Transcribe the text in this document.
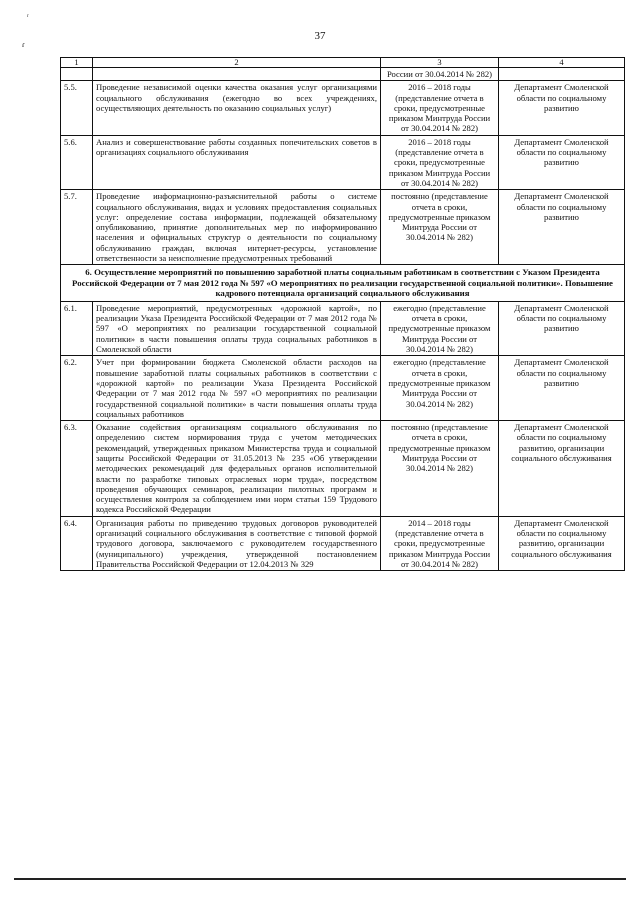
ʳ
ɾ
37
1	2	3	4
		России от 30.04.2014 № 282)	
5.5.	Проведение независимой оценки качества оказания услуг организациями социального обслуживания (ежегодно во всех учреждениях, осуществляющих деятельность по оказанию социальных услуг)	2016 – 2018 годы (представление отчета в сроки, предусмотренные приказом Минтруда России от 30.04.2014 № 282)	Департамент Смоленской области по социальному развитию
5.6.	Анализ и совершенствование работы созданных попечительских советов в организациях социального обслуживания	2016 – 2018 годы (представление отчета в сроки, предусмотренные приказом Минтруда России от 30.04.2014 № 282)	Департамент Смоленской области по социальному развитию
5.7.	Проведение информационно-разъяснительной работы о системе социального обслуживания, видах и условиях предоставления социальных услуг: определение состава информации, подлежащей обязательному опубликованию, принятие дополнительных мер по информированию населения и официальных структур о деятельности по социальному обслуживанию граждан, включая интернет-ресурсы, установление ответственности за неисполнение предусмотренных требований	постоянно (представление отчета в сроки, предусмотренные приказом Минтруда России от 30.04.2014 № 282)	Департамент Смоленской области по социальному развитию
6. Осуществление мероприятий по повышению заработной платы социальным работникам в соответствии с Указом Президента Российской Федерации от 7 мая 2012 года № 597 «О мероприятиях по реализации государственной социальной политики». Повышение кадрового потенциала организаций социального обслуживания			
6.1.	Проведение мероприятий, предусмотренных «дорожной картой», по реализации Указа Президента Российской Федерации от 7 мая 2012 года № 597 «О мероприятиях по реализации государственной социальной политики» в части повышения оплаты труда социальных работников в Смоленской области	ежегодно (представление отчета в сроки, предусмотренные приказом Минтруда России от 30.04.2014 № 282)	Департамент Смоленской области по социальному развитию
6.2.	Учет при формировании бюджета Смоленской области расходов на повышение заработной платы социальных работников в соответствии с «дорожной картой» по реализации Указа Президента Российской Федерации от 7 мая 2012 года № 597 «О мероприятиях по реализации государственной социальной политики» в части повышения оплаты труда социальных работников	ежегодно (представление отчета в сроки, предусмотренные приказом Минтруда России от 30.04.2014 № 282)	Департамент Смоленской области по социальному развитию
6.3.	Оказание содействия организациям социального обслуживания по определению систем нормирования труда с учетом методических рекомендаций, утвержденных приказом Министерства труда и социальной защиты Российской Федерации от 31.05.2013 № 235 «Об утверждении методических рекомендаций для федеральных органов исполнительной власти по разработке типовых отраслевых норм труда», посредством проведения обучающих семинаров, реализации пилотных программ и осуществления контроля за соблюдением ими норм статьи 159 Трудового кодекса Российской Федерации	постоянно (представление отчета в сроки, предусмотренные приказом Минтруда России от 30.04.2014 № 282)	Департамент Смоленской области по социальному развитию, организации социального обслуживания
6.4.	Организация работы по приведению трудовых договоров руководителей организаций социального обслуживания в соответствие с типовой формой трудового договора, заключаемого с руководителем государственного (муниципального) учреждения, утвержденной постановлением Правительства Российской Федерации от 12.04.2013 № 329	2014 – 2018 годы (представление отчета в сроки, предусмотренные приказом Минтруда России от 30.04.2014 № 282)	Департамент Смоленской области по социальному развитию, организации социального обслуживания
